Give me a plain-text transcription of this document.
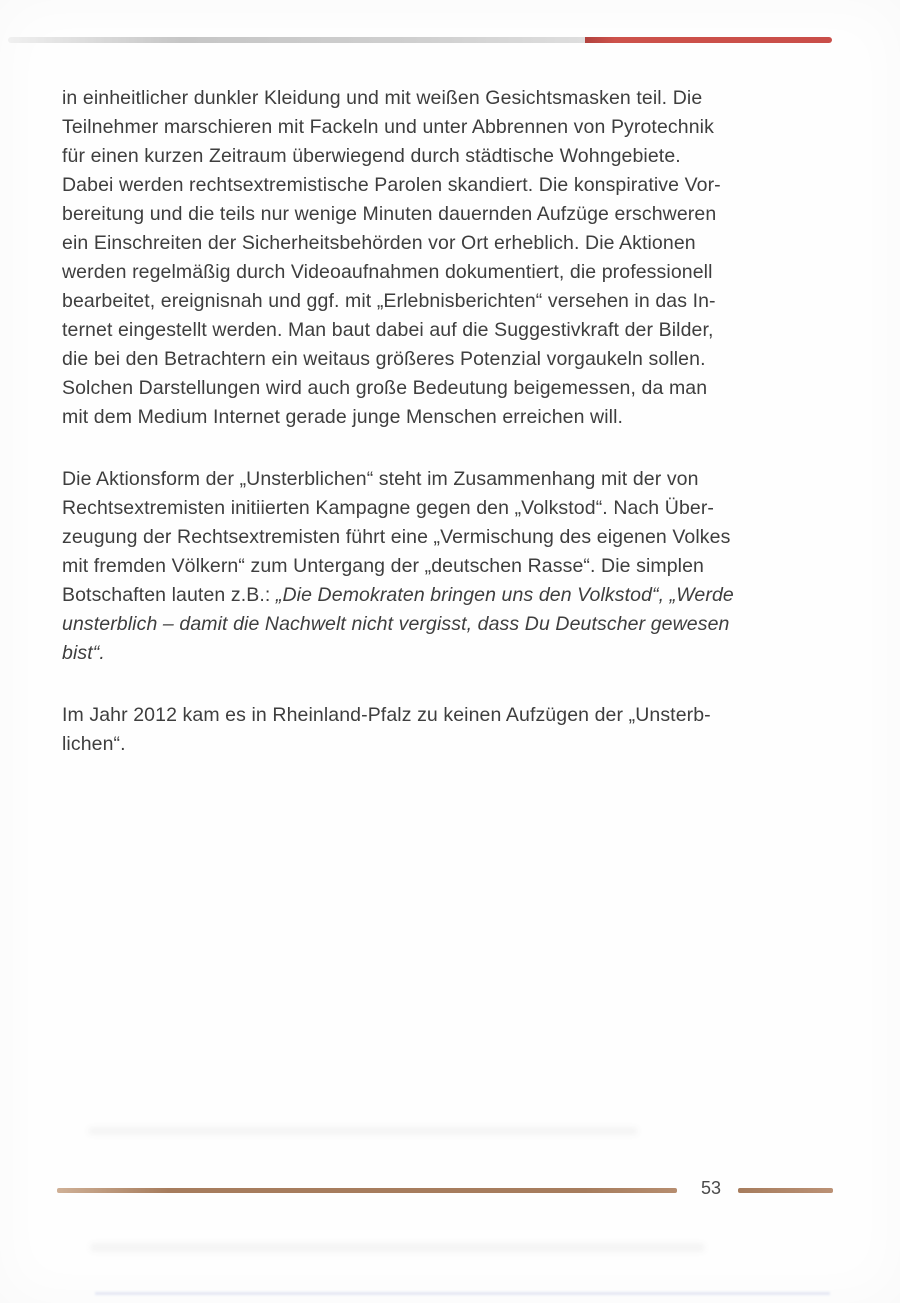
in einheitlicher dunkler Kleidung und mit weißen Gesichtsmasken teil. Die
Teilnehmer marschieren mit Fackeln und unter Abbrennen von Pyrotechnik
für einen kurzen Zeitraum überwiegend durch städtische Wohngebiete.
Dabei werden rechtsextremistische Parolen skandiert. Die konspirative Vor-
bereitung und die teils nur wenige Minuten dauernden Aufzüge erschweren
ein Einschreiten der Sicherheitsbehörden vor Ort erheblich. Die Aktionen
werden regelmäßig durch Videoaufnahmen dokumentiert, die professionell
bearbeitet, ereignisnah und ggf. mit „Erlebnisberichten“ versehen in das In-
ternet eingestellt werden. Man baut dabei auf die Suggestivkraft der Bilder,
die bei den Betrachtern ein weitaus größeres Potenzial vorgaukeln sollen.
Solchen Darstellungen wird auch große Bedeutung beigemessen, da man
mit dem Medium Internet gerade junge Menschen erreichen will.
Die Aktionsform der „Unsterblichen“ steht im Zusammenhang mit der von
Rechtsextremisten initiierten Kampagne gegen den „Volkstod“. Nach Über-
zeugung der Rechtsextremisten führt eine „Vermischung des eigenen Volkes
mit fremden Völkern“ zum Untergang der „deutschen Rasse“. Die simplen
Botschaften lauten z.B.: „Die Demokraten bringen uns den Volkstod“, „Werde
unsterblich – damit die Nachwelt nicht vergisst, dass Du Deutscher gewesen
bist“.
Im Jahr 2012 kam es in Rheinland-Pfalz zu keinen Aufzügen der „Unsterb-
lichen“.
53
